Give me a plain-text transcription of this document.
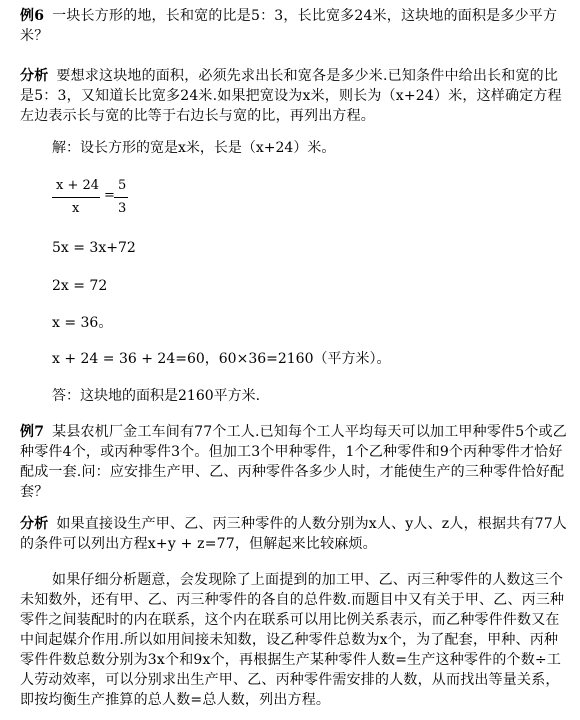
例6 一块长方形的地，长和宽的比是5：3，长比宽多24米，这块地的面积是多少平方米？
分析 要想求这块地的面积，必须先求出长和宽各是多少米.已知条件中给出长和宽的比是5：3，又知道长比宽多24米.如果把宽设为x米，则长为（x+24）米，这样确定方程左边表示长与宽的比等于右边长与宽的比，再列出方程。
解：设长方形的宽是x米，长是（x+24）米。
x + 24
x
=
5
3
5x = 3x+72
2x = 72
x = 36。
x + 24 = 36 + 24=60，60×36=2160（平方米）。
答：这块地的面积是2160平方米.
例7 某县农机厂金工车间有77个工人.已知每个工人平均每天可以加工甲种零件5个或乙种零件4个，或丙种零件3个。但加工3个甲种零件，1个乙种零件和9个丙种零件才恰好配成一套.问：应安排生产甲、乙、丙种零件各多少人时，才能使生产的三种零件恰好配套？
分析 如果直接设生产甲、乙、丙三种零件的人数分别为x人、y人、z人，根据共有77人的条件可以列出方程x+y + z=77，但解起来比较麻烦。
如果仔细分析题意，会发现除了上面提到的加工甲、乙、丙三种零件的人数这三个未知数外，还有甲、乙、丙三种零件的各自的总件数.而题目中又有关于甲、乙、丙三种零件之间装配时的内在联系，这个内在联系可以用比例关系表示，而乙种零件件数又在中间起媒介作用.所以如用间接未知数，设乙种零件总数为x个，为了配套，甲种、丙种零件件数总数分别为3x个和9x个，再根据生产某种零件人数=生产这种零件的个数÷工人劳动效率，可以分别求出生产甲、乙、丙种零件需安排的人数，从而找出等量关系，即按均衡生产推算的总人数=总人数，列出方程。
